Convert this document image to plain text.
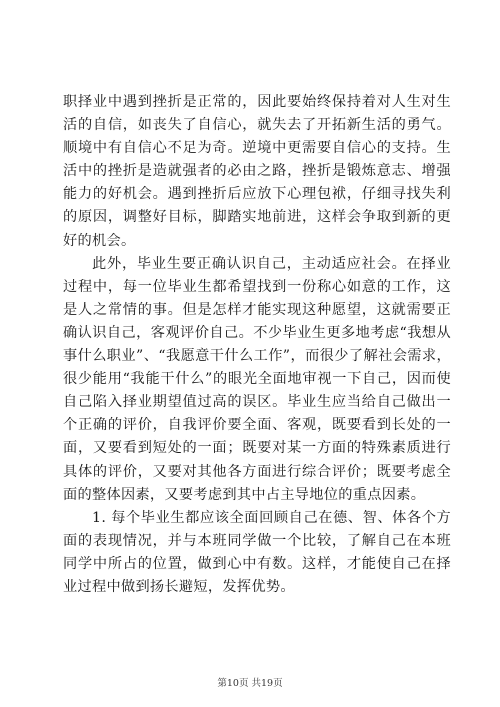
职择业中遇到挫折是正常的，因此要始终保持着对人生对生活的自信，如丧失了自信心，就失去了开拓新生活的勇气。顺境中有自信心不足为奇。逆境中更需要自信心的支持。生活中的挫折是造就强者的必由之路，挫折是锻炼意志、增强能力的好机会。遇到挫折后应放下心理包袱，仔细寻找失利的原因，调整好目标，脚踏实地前进，这样会争取到新的更好的机会。

此外，毕业生要正确认识自己，主动适应社会。在择业过程中，每一位毕业生都希望找到一份称心如意的工作，这是人之常情的事。但是怎样才能实现这种愿望，这就需要正确认识自己，客观评价自己。不少毕业生更多地考虑“我想从事什么职业”、“我愿意干什么工作”，而很少了解社会需求，很少能用“我能干什么”的眼光全面地审视一下自己，因而使自己陷入择业期望值过高的误区。毕业生应当给自己做出一个正确的评价，自我评价要全面、客观，既要看到长处的一面，又要看到短处的一面；既要对某一方面的特殊素质进行具体的评价，又要对其他各方面进行综合评价；既要考虑全面的整体因素，又要考虑到其中占主导地位的重点因素。

1. 每个毕业生都应该全面回顾自己在德、智、体各个方面的表现情况，并与本班同学做一个比较，了解自己在本班同学中所占的位置，做到心中有数。这样，才能使自己在择业过程中做到扬长避短，发挥优势。

第10页 共19页
